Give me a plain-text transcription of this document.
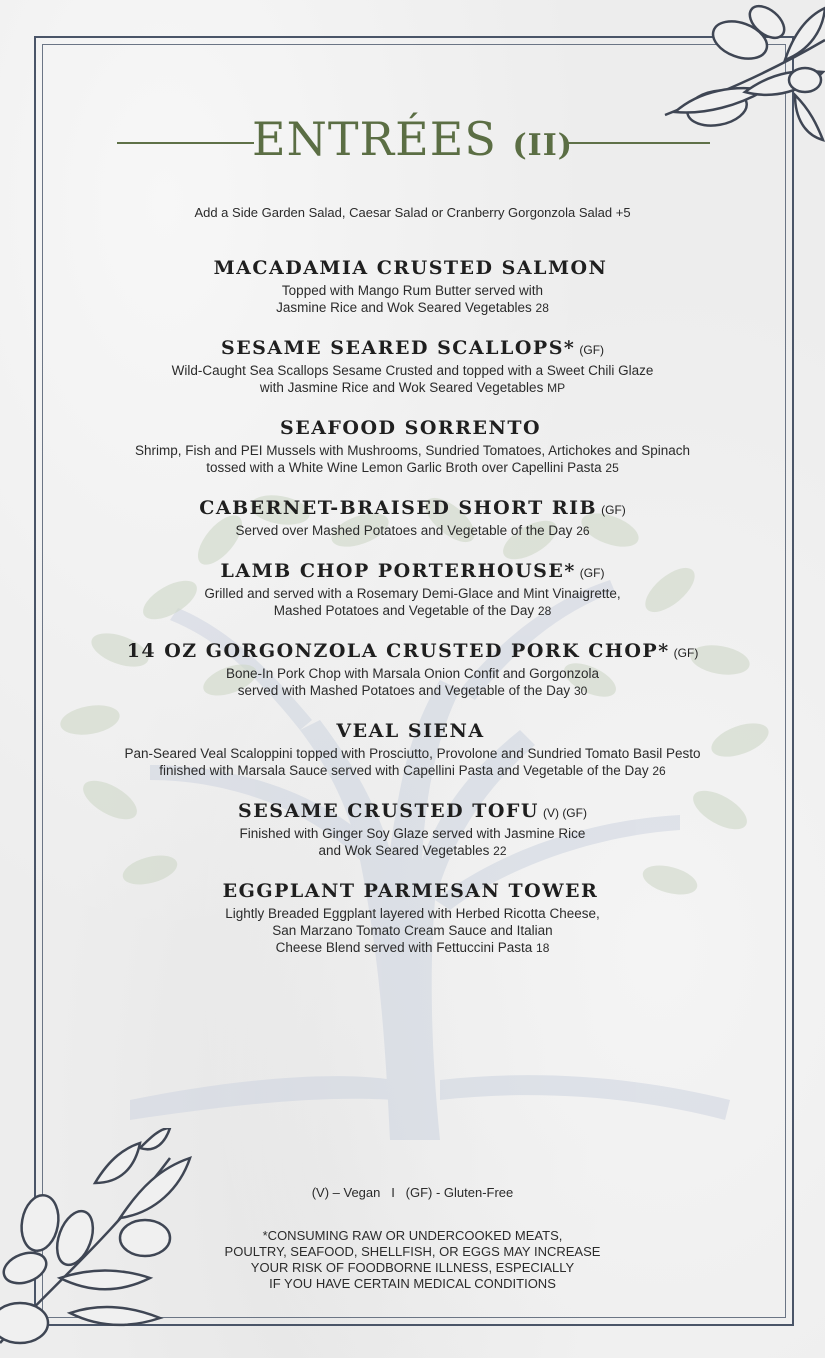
ENTRÉES (II)
Add a Side Garden Salad, Caesar Salad or Cranberry Gorgonzola Salad +5
MACADAMIA CRUSTED SALMON
Topped with Mango Rum Butter served with
Jasmine Rice and Wok Seared Vegetables 28
SESAME SEARED SCALLOPS* (GF)
Wild-Caught Sea Scallops Sesame Crusted and topped with a Sweet Chili Glaze
with Jasmine Rice and Wok Seared Vegetables MP
SEAFOOD SORRENTO
Shrimp, Fish and PEI Mussels with Mushrooms, Sundried Tomatoes, Artichokes and Spinach
tossed with a White Wine Lemon Garlic Broth over Capellini Pasta 25
CABERNET-BRAISED SHORT RIB (GF)
Served over Mashed Potatoes and Vegetable of the Day 26
LAMB CHOP PORTERHOUSE* (GF)
Grilled and served with a Rosemary Demi-Glace and Mint Vinaigrette,
Mashed Potatoes and Vegetable of the Day 28
14 OZ GORGONZOLA CRUSTED PORK CHOP* (GF)
Bone-In Pork Chop with Marsala Onion Confit and Gorgonzola
served with Mashed Potatoes and Vegetable of the Day 30
VEAL SIENA
Pan-Seared Veal Scaloppini topped with Prosciutto, Provolone and Sundried Tomato Basil Pesto
finished with Marsala Sauce served with Capellini Pasta and Vegetable of the Day 26
SESAME CRUSTED TOFU (V) (GF)
Finished with Ginger Soy Glaze served with Jasmine Rice
and Wok Seared Vegetables 22
EGGPLANT PARMESAN TOWER
Lightly Breaded Eggplant layered with Herbed Ricotta Cheese,
San Marzano Tomato Cream Sauce and Italian
Cheese Blend served with Fettuccini Pasta 18
(V) – Vegan   I   (GF) - Gluten-Free
*CONSUMING RAW OR UNDERCOOKED MEATS,
POULTRY, SEAFOOD, SHELLFISH, OR EGGS MAY INCREASE
YOUR RISK OF FOODBORNE ILLNESS, ESPECIALLY
IF YOU HAVE CERTAIN MEDICAL CONDITIONS
